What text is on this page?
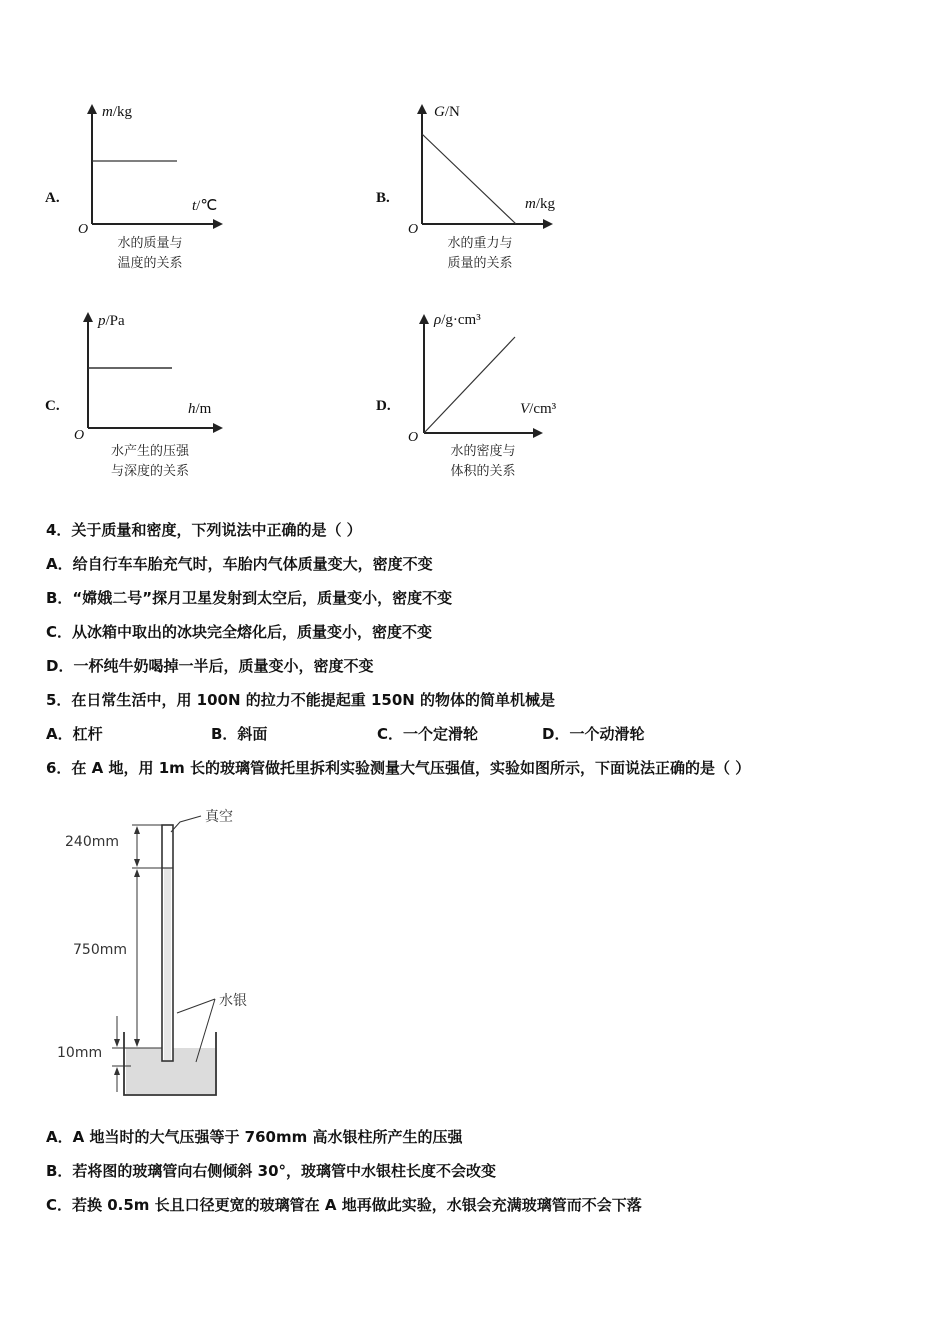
A.
m/kg
t/℃
O
水的质量与
温度的关系
B.
G/N
m/kg
O
水的重力与
质量的关系
C.
p/Pa
h/m
O
水产生的压强
与深度的关系
D.
ρ/g·cm³
V/cm³
O
水的密度与
体积的关系
4．关于质量和密度，下列说法中正确的是（ ）
A．给自行车车胎充气时，车胎内气体质量变大，密度不变
B．“嫦娥二号”探月卫星发射到太空后，质量变小，密度不变
C．从冰箱中取出的冰块完全熔化后，质量变小，密度不变
D．一杯纯牛奶喝掉一半后，质量变小，密度不变
5．在日常生活中，用 100N 的拉力不能提起重 150N 的物体的简单机械是
A．杠杆	B．斜面	C．一个定滑轮	D．一个动滑轮
6．在 A 地，用 1m 长的玻璃管做托里拆利实验测量大气压强值，实验如图所示，下面说法正确的是（ ）
真空
水银
240mm
750mm
10mm
A．A 地当时的大气压强等于 760mm 高水银柱所产生的压强
B．若将图的玻璃管向右侧倾斜 30°，玻璃管中水银柱长度不会改变
C．若换 0.5m 长且口径更宽的玻璃管在 A 地再做此实验，水银会充满玻璃管而不会下落
